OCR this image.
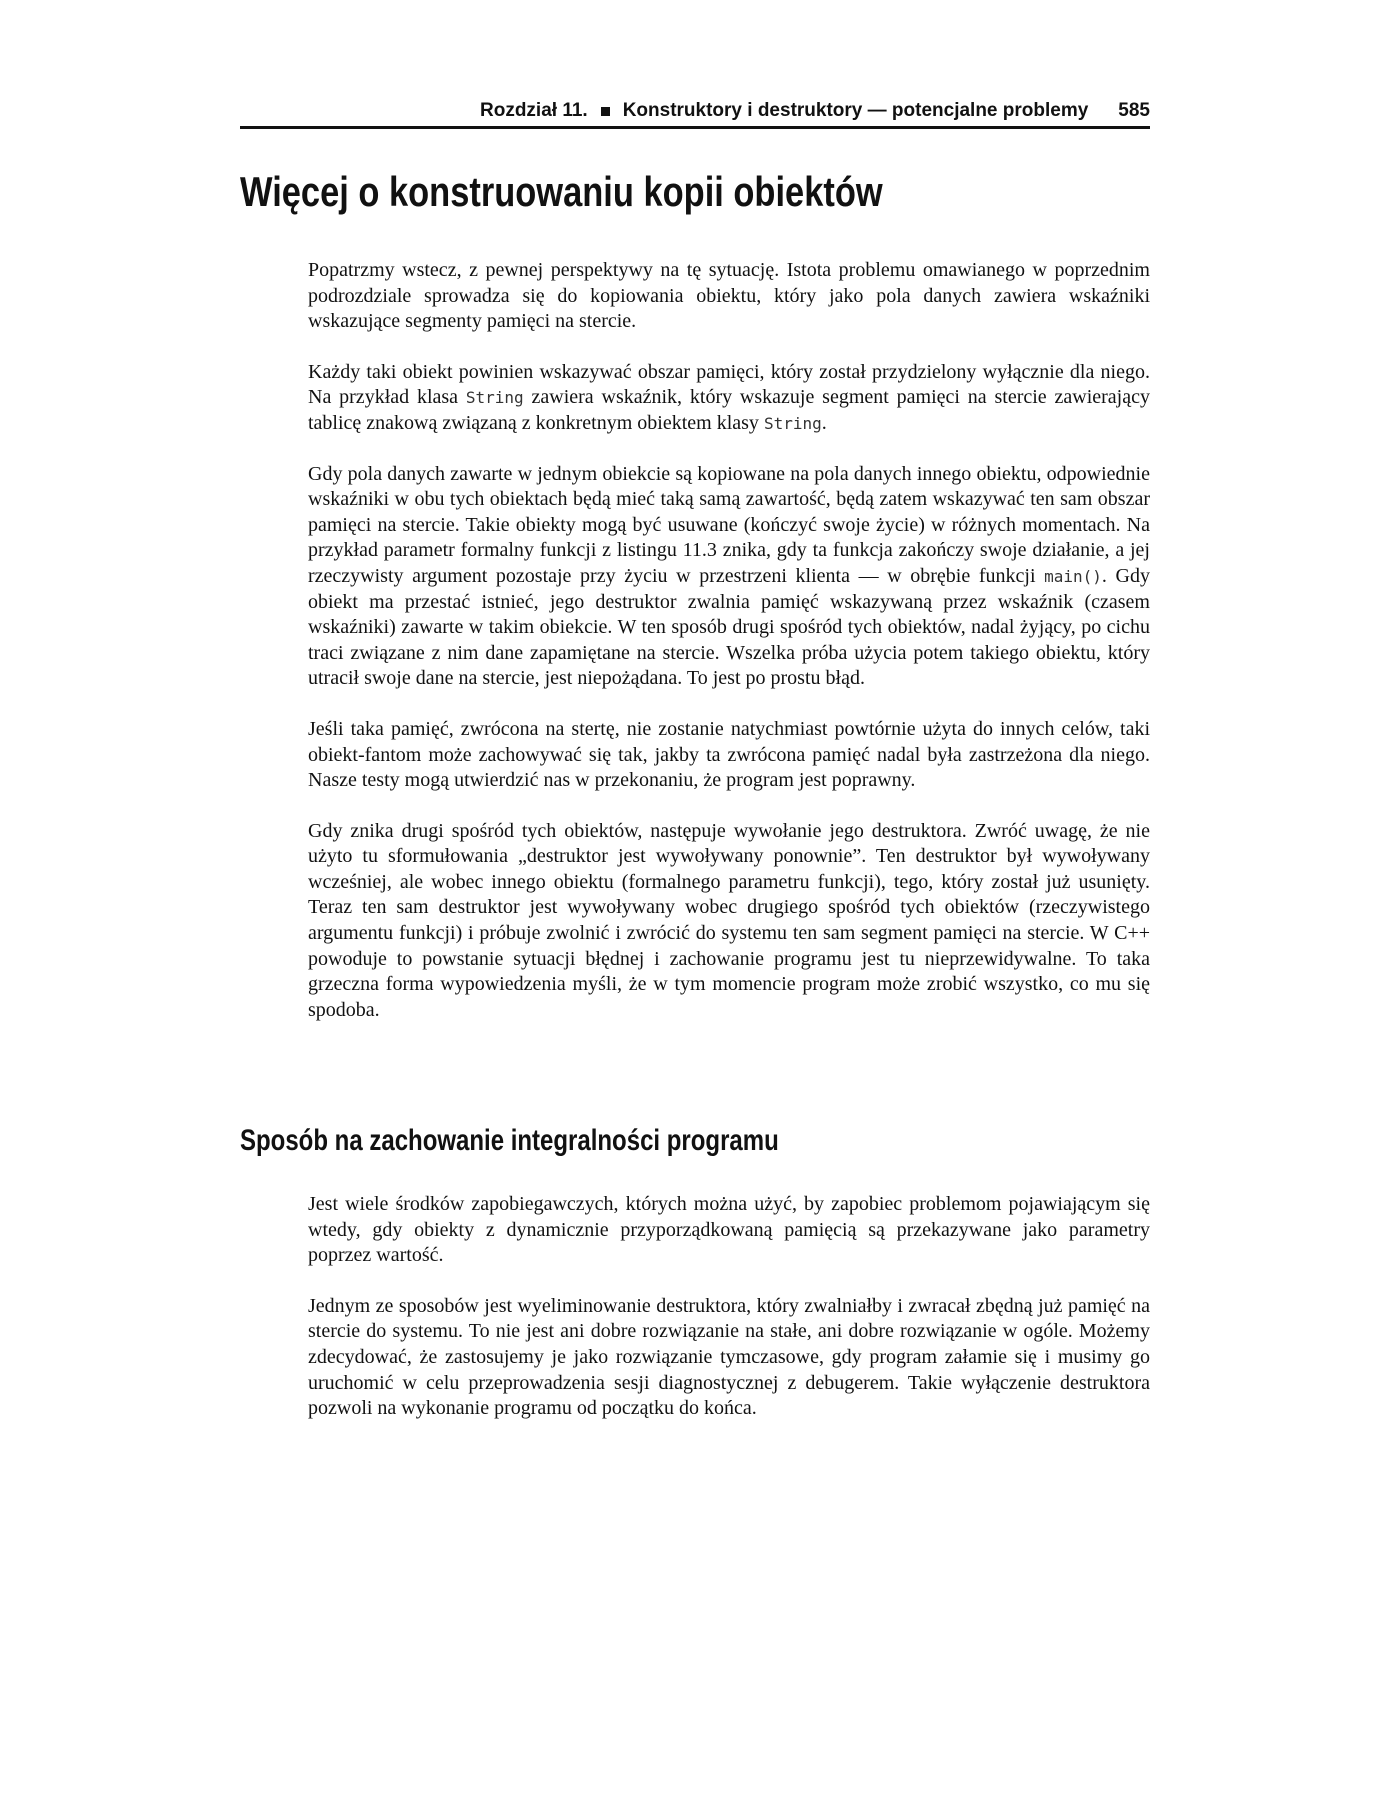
Rozdział 11. Konstruktory i destruktory — potencjalne problemy 585
Więcej o konstruowaniu kopii obiektów

Popatrzmy wstecz, z pewnej perspektywy na tę sytuację. Istota problemu omawianego w poprzednim podrozdziale sprowadza się do kopiowania obiektu, który jako pola danych zawiera wskaźniki wskazujące segmenty pamięci na stercie.

Każdy taki obiekt powinien wskazywać obszar pamięci, który został przydzielony wyłącznie dla niego. Na przykład klasa String zawiera wskaźnik, który wskazuje segment pamięci na stercie zawierający tablicę znakową związaną z konkretnym obiektem klasy String.

Gdy pola danych zawarte w jednym obiekcie są kopiowane na pola danych innego obiektu, odpowiednie wskaźniki w obu tych obiektach będą mieć taką samą zawartość, będą zatem wskazywać ten sam obszar pamięci na stercie. Takie obiekty mogą być usuwane (kończyć swoje życie) w różnych momentach. Na przykład parametr formalny funkcji z listingu 11.3 znika, gdy ta funkcja zakończy swoje działanie, a jej rzeczywisty argument pozostaje przy życiu w przestrzeni klienta — w obrębie funkcji main(). Gdy obiekt ma przestać istnieć, jego destruktor zwalnia pamięć wskazywaną przez wskaźnik (czasem wskaźniki) zawarte w takim obiekcie. W ten sposób drugi spośród tych obiektów, nadal żyjący, po cichu traci związane z nim dane zapamiętane na stercie. Wszelka próba użycia potem takiego obiektu, który utracił swoje dane na stercie, jest niepożądana. To jest po prostu błąd.

Jeśli taka pamięć, zwrócona na stertę, nie zostanie natychmiast powtórnie użyta do innych celów, taki obiekt-fantom może zachowywać się tak, jakby ta zwrócona pamięć nadal była zastrzeżona dla niego. Nasze testy mogą utwierdzić nas w przekonaniu, że program jest poprawny.

Gdy znika drugi spośród tych obiektów, następuje wywołanie jego destruktora. Zwróć uwagę, że nie użyto tu sformułowania „destruktor jest wywoływany ponownie”. Ten destruktor był wywoływany wcześniej, ale wobec innego obiektu (formalnego parametru funkcji), tego, który został już usunięty. Teraz ten sam destruktor jest wywoływany wobec drugiego spośród tych obiektów (rzeczywistego argumentu funkcji) i próbuje zwolnić i zwrócić do systemu ten sam segment pamięci na stercie. W C++ powoduje to powstanie sytuacji błędnej i zachowanie programu jest tu nieprzewidywalne. To taka grzeczna forma wypowiedzenia myśli, że w tym momencie program może zrobić wszystko, co mu się spodoba.

Sposób na zachowanie integralności programu

Jest wiele środków zapobiegawczych, których można użyć, by zapobiec problemom pojawiającym się wtedy, gdy obiekty z dynamicznie przyporządkowaną pamięcią są przekazywane jako parametry poprzez wartość.

Jednym ze sposobów jest wyeliminowanie destruktora, który zwalniałby i zwracał zbędną już pamięć na stercie do systemu. To nie jest ani dobre rozwiązanie na stałe, ani dobre rozwiązanie w ogóle. Możemy zdecydować, że zastosujemy je jako rozwiązanie tymczasowe, gdy program załamie się i musimy go uruchomić w celu przeprowadzenia sesji diagnostycznej z debugerem. Takie wyłączenie destruktora pozwoli na wykonanie programu od początku do końca.
